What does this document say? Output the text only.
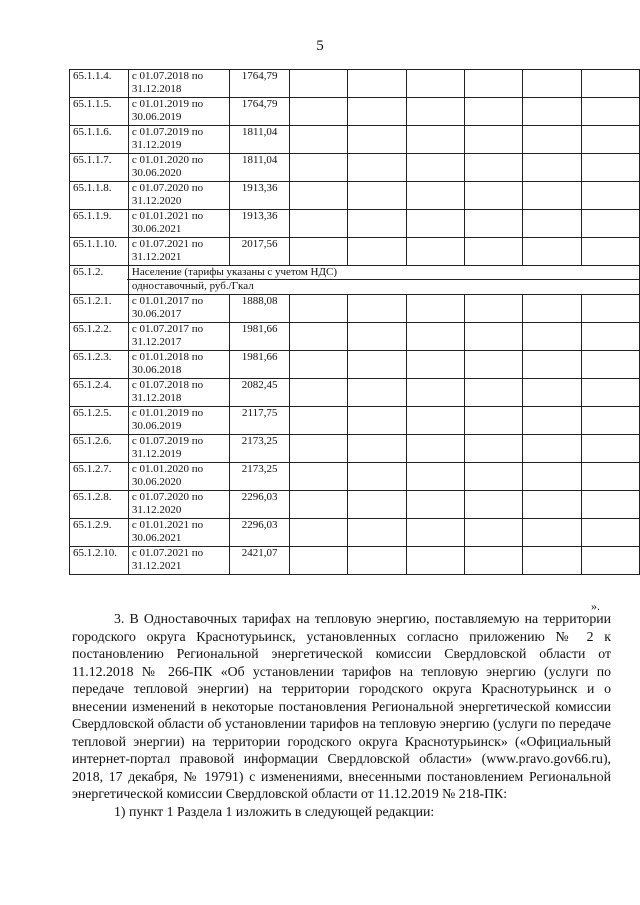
5
65.1.1.4.	с 01.07.2018 по
31.12.2018	1764,79						
65.1.1.5.	с 01.01.2019 по
30.06.2019	1764,79						
65.1.1.6.	с 01.07.2019 по
31.12.2019	1811,04						
65.1.1.7.	с 01.01.2020 по
30.06.2020	1811,04						
65.1.1.8.	с 01.07.2020 по
31.12.2020	1913,36						
65.1.1.9.	с 01.01.2021 по
30.06.2021	1913,36						
65.1.1.10.	с 01.07.2021 по
31.12.2021	2017,56						
65.1.2.	Население (тарифы указаны с учетом НДС)
одноставочный, руб./Гкал							

65.1.2.1.	с 01.01.2017 по
30.06.2017	1888,08						
65.1.2.2.	с 01.07.2017 по
31.12.2017	1981,66						
65.1.2.3.	с 01.01.2018 по
30.06.2018	1981,66						
65.1.2.4.	с 01.07.2018 по
31.12.2018	2082,45						
65.1.2.5.	с 01.01.2019 по
30.06.2019	2117,75						
65.1.2.6.	с 01.07.2019 по
31.12.2019	2173,25						
65.1.2.7.	с 01.01.2020 по
30.06.2020	2173,25						
65.1.2.8.	с 01.07.2020 по
31.12.2020	2296,03						
65.1.2.9.	с 01.01.2021 по
30.06.2021	2296,03						
65.1.2.10.	с 01.07.2021 по
31.12.2021	2421,07						
».

3. В Одноставочных тарифах на тепловую энергию, поставляемую на территории городского округа Краснотурьинск, установленных согласно приложению № 2 к постановлению Региональной энергетической комиссии Свердловской области от 11.12.2018 № 266-ПК «Об установлении тарифов на тепловую энергию (услуги по передаче тепловой энергии) на территории городского округа Краснотурьинск и о внесении изменений в некоторые постановления Региональной энергетической комиссии Свердловской области об установлении тарифов на тепловую энергию (услуги по передаче тепловой энергии) на территории городского округа Краснотурьинск» («Официальный интернет-портал правовой информации Свердловской области» (www.pravo.gov66.ru), 2018, 17 декабря, № 19791) с изменениями, внесенными постановлением Региональной энергетической комиссии Свердловской области от 11.12.2019 № 218-ПК:

1) пункт 1 Раздела 1 изложить в следующей редакции:
